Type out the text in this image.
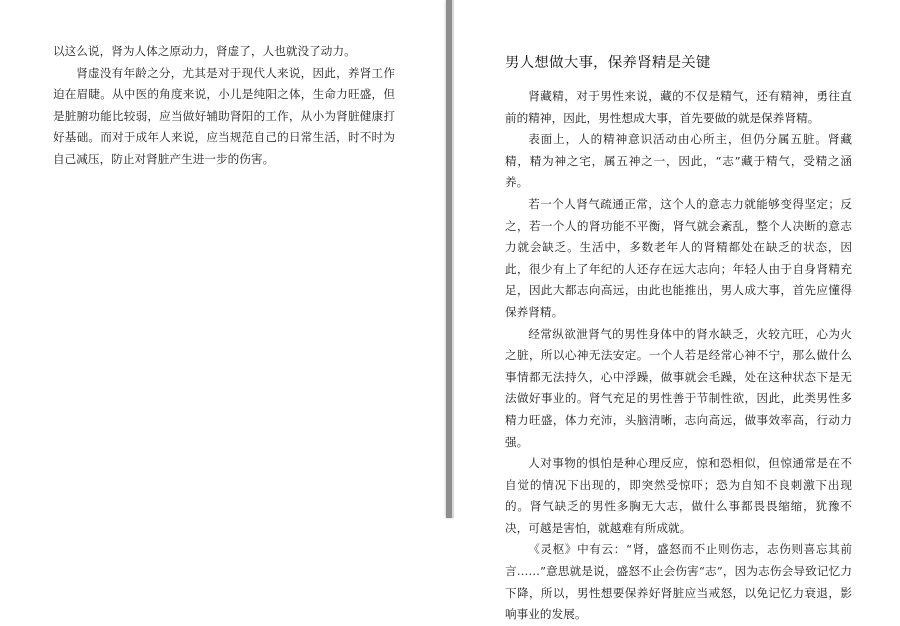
以这么说，肾为人体之原动力，肾虚了，人也就没了动力。

肾虚没有年龄之分，尤其是对于现代人来说，因此，养肾工作迫在眉睫。从中医的角度来说，小儿是纯阳之体，生命力旺盛，但是脏腑功能比较弱，应当做好辅助肾阳的工作，从小为肾脏健康打好基础。而对于成年人来说，应当规范自己的日常生活，时不时为自己减压，防止对肾脏产生进一步的伤害。

男人想做大事，保养肾精是关键

肾藏精，对于男性来说，藏的不仅是精气，还有精神，勇往直前的精神，因此，男性想成大事，首先要做的就是保养肾精。

表面上，人的精神意识活动由心所主，但仍分属五脏。肾藏精，精为神之宅，属五神之一，因此，“志”藏于精气，受精之涵养。

若一个人肾气疏通正常，这个人的意志力就能够变得坚定；反之，若一个人的肾功能不平衡，肾气就会紊乱，整个人决断的意志力就会缺乏。生活中，多数老年人的肾精都处在缺乏的状态，因此，很少有上了年纪的人还存在远大志向；年轻人由于自身肾精充足，因此大都志向高远，由此也能推出，男人成大事，首先应懂得保养肾精。

经常纵欲泄肾气的男性身体中的肾水缺乏，火较亢旺，心为火之脏，所以心神无法安定。一个人若是经常心神不宁，那么做什么事情都无法持久，心中浮躁，做事就会毛躁，处在这种状态下是无法做好事业的。肾气充足的男性善于节制性欲，因此，此类男性多精力旺盛，体力充沛，头脑清晰，志向高远，做事效率高，行动力强。

人对事物的惧怕是种心理反应，惊和恐相似，但惊通常是在不自觉的情况下出现的，即突然受惊吓；恐为自知不良刺激下出现的。肾气缺乏的男性多胸无大志，做什么事都畏畏缩缩，犹豫不决，可越是害怕，就越难有所成就。

《灵枢》中有云：“肾，盛怒而不止则伤志，志伤则喜忘其前言……”意思就是说，盛怒不止会伤害“志”，因为志伤会导致记忆力下降，所以，男性想要保养好肾脏应当戒怒，以免记忆力衰退，影响事业的发展。
